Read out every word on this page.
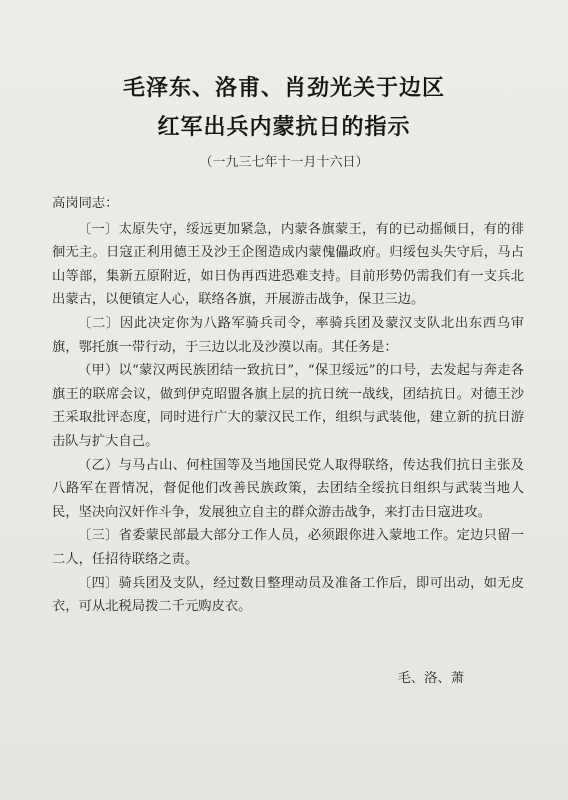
毛泽东、洛甫、肖劲光关于边区
红军出兵内蒙抗日的指示
（一九三七年十一月十六日）

高岗同志：

〔一〕太原失守，绥远更加紧急，内蒙各旗蒙王，有的已动摇倾日，有的徘徊无主。日寇正利用德王及沙王企图造成内蒙傀儡政府。归绥包头失守后，马占山等部，集新五原附近，如日伪再西进恐难支持。目前形势仍需我们有一支兵北出蒙古，以便镇定人心，联络各旗，开展游击战争，保卫三边。

〔二〕因此决定你为八路军骑兵司令，率骑兵团及蒙汉支队北出东西乌审旗，鄂托旗一带行动，于三边以北及沙漠以南。其任务是：

（甲）以“蒙汉两民族团结一致抗日”，“保卫绥远”的口号，去发起与奔走各旗王的联席会议，做到伊克昭盟各旗上层的抗日统一战线，团结抗日。对德王沙王采取批评态度，同时进行广大的蒙汉民工作，组织与武装他，建立新的抗日游击队与扩大自己。

（乙）与马占山、何柱国等及当地国民党人取得联络，传达我们抗日主张及八路军在晋情况，督促他们改善民族政策，去团结全绥抗日组织与武装当地人民，坚决向汉奸作斗争，发展独立自主的群众游击战争，来打击日寇进攻。

〔三〕省委蒙民部最大部分工作人员，必须跟你进入蒙地工作。定边只留一二人，任招待联络之责。

〔四〕骑兵团及支队，经过数日整理动员及准备工作后，即可出动，如无皮衣，可从北税局拨二千元购皮衣。

毛、洛、萧
